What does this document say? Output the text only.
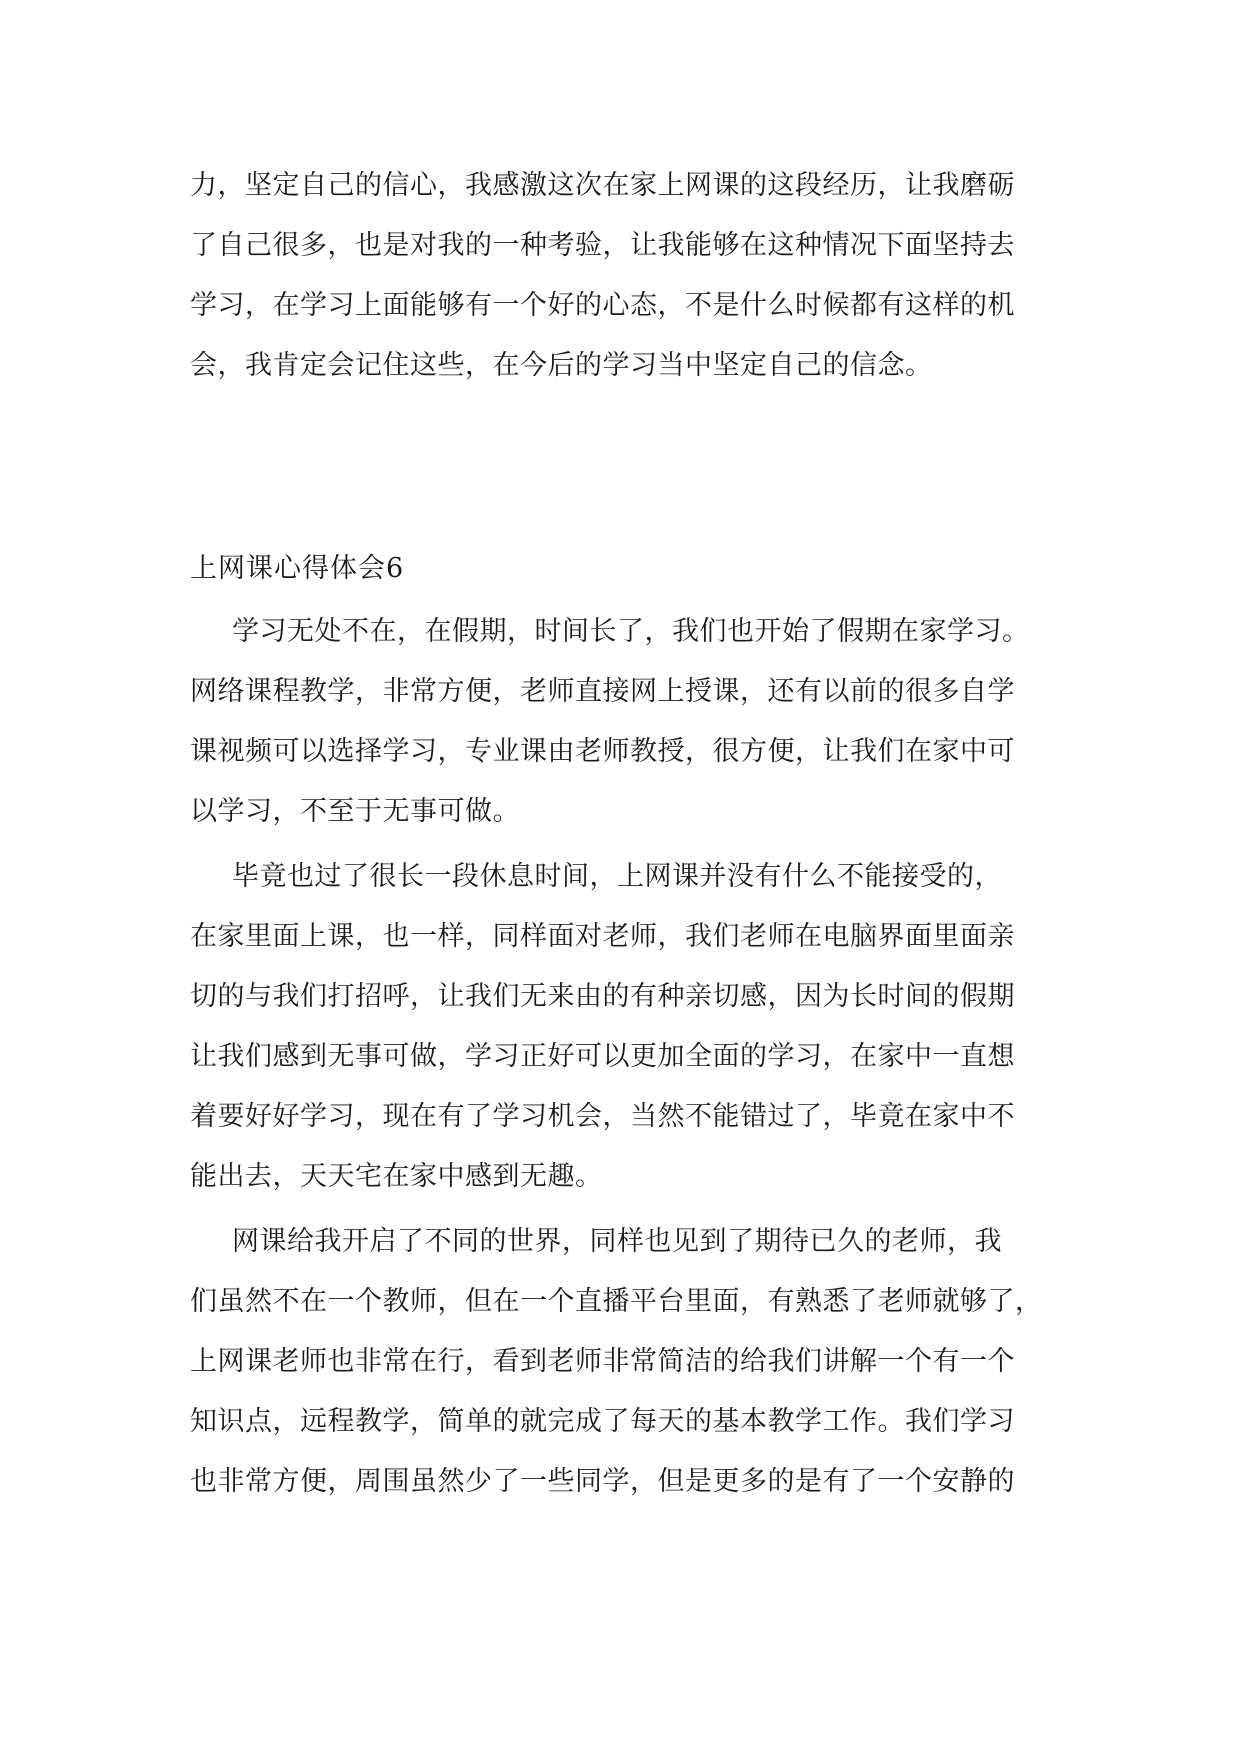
力，坚定自己的信心，我感激这次在家上网课的这段经历，让我磨砺
了自己很多，也是对我的一种考验，让我能够在这种情况下面坚持去
学习，在学习上面能够有一个好的心态，不是什么时候都有这样的机
会，我肯定会记住这些，在今后的学习当中坚定自己的信念。
上网课心得体会6
学习无处不在，在假期，时间长了，我们也开始了假期在家学习。
网络课程教学，非常方便，老师直接网上授课，还有以前的很多自学
课视频可以选择学习，专业课由老师教授，很方便，让我们在家中可
以学习，不至于无事可做。
毕竟也过了很长一段休息时间，上网课并没有什么不能接受的，
在家里面上课，也一样，同样面对老师，我们老师在电脑界面里面亲
切的与我们打招呼，让我们无来由的有种亲切感，因为长时间的假期
让我们感到无事可做，学习正好可以更加全面的学习，在家中一直想
着要好好学习，现在有了学习机会，当然不能错过了，毕竟在家中不
能出去，天天宅在家中感到无趣。
网课给我开启了不同的世界，同样也见到了期待已久的老师，我
们虽然不在一个教师，但在一个直播平台里面，有熟悉了老师就够了，
上网课老师也非常在行，看到老师非常简洁的给我们讲解一个有一个
知识点，远程教学，简单的就完成了每天的基本教学工作。我们学习
也非常方便，周围虽然少了一些同学，但是更多的是有了一个安静的
